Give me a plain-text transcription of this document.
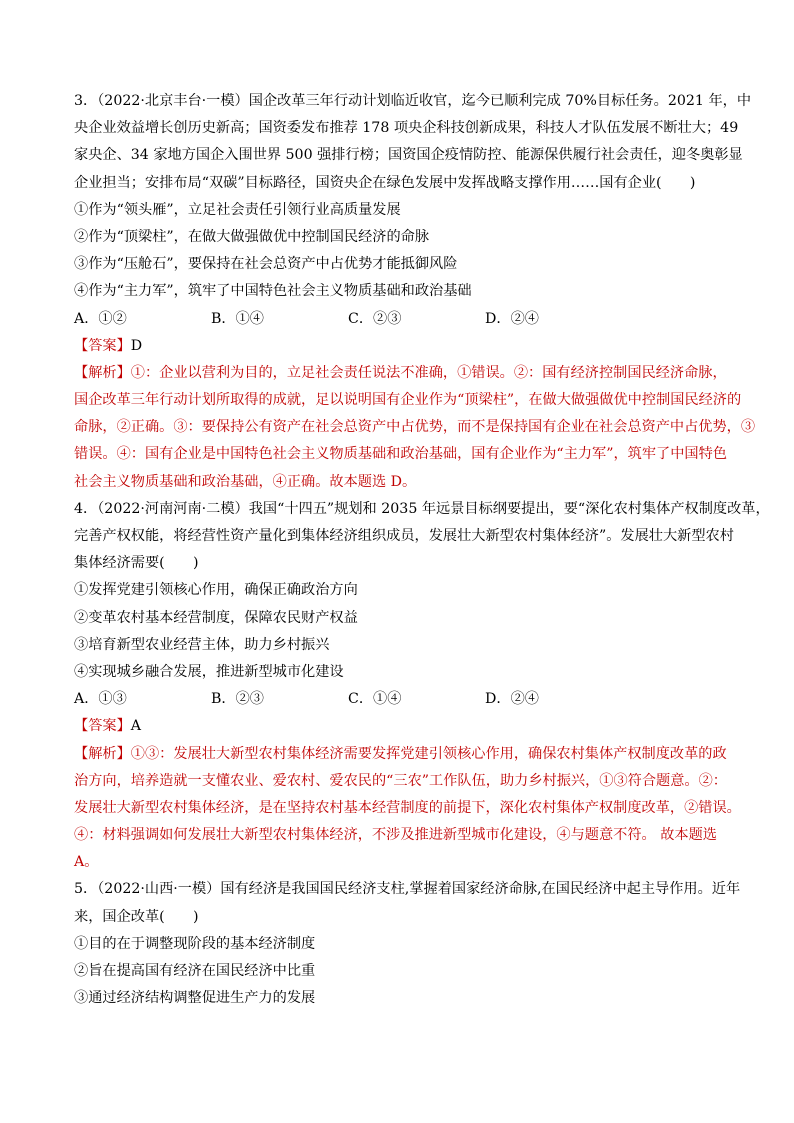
3．（2022·北京丰台·一模）国企改革三年行动计划临近收官，迄今已顺利完成 70%目标任务。2021 年，中
央企业效益增长创历史新高；国资委发布推荐 178 项央企科技创新成果，科技人才队伍发展不断壮大；49
家央企、34 家地方国企入围世界 500 强排行榜；国资国企疫情防控、能源保供履行社会责任，迎冬奥彰显
企业担当；安排布局“双碳”目标路径，国资央企在绿色发展中发挥战略支撑作用……国有企业(　　)
①作为“领头雁”，立足社会责任引领行业高质量发展
②作为“顶梁柱”，在做大做强做优中控制国民经济的命脉
③作为“压舱石”，要保持在社会总资产中占优势才能抵御风险
④作为“主力军”，筑牢了中国特色社会主义物质基础和政治基础
A．①②	B．①④	C．②③	D．②④
【答案】D
【解析】①：企业以营利为目的，立足社会责任说法不准确，①错误。②：国有经济控制国民经济命脉，
国企改革三年行动计划所取得的成就，足以说明国有企业作为“顶梁柱”，在做大做强做优中控制国民经济的
命脉，②正确。③：要保持公有资产在社会总资产中占优势，而不是保持国有企业在社会总资产中占优势，③
错误。④：国有企业是中国特色社会主义物质基础和政治基础，国有企业作为“主力军”，筑牢了中国特色
社会主义物质基础和政治基础，④正确。故本题选 D。
4．（2022·河南河南·二模）我国“十四五”规划和 2035 年远景目标纲要提出，要“深化农村集体产权制度改革，
完善产权权能，将经营性资产量化到集体经济组织成员，发展壮大新型农村集体经济”。发展壮大新型农村
集体经济需要(　　)
①发挥党建引领核心作用，确保正确政治方向
②变革农村基本经营制度，保障农民财产权益
③培育新型农业经营主体，助力乡村振兴
④实现城乡融合发展，推进新型城市化建设
A．①③	B．②③	C．①④	D．②④
【答案】A
【解析】①③：发展壮大新型农村集体经济需要发挥党建引领核心作用，确保农村集体产权制度改革的政
治方向，培养造就一支懂农业、爱农村、爱农民的“三农”工作队伍，助力乡村振兴，①③符合题意。②：
发展壮大新型农村集体经济，是在坚持农村基本经营制度的前提下，深化农村集体产权制度改革，②错误。
④：材料强调如何发展壮大新型农村集体经济，不涉及推进新型城市化建设，④与题意不符。 故本题选
A。
5．（2022·山西·一模）国有经济是我国国民经济支柱,掌握着国家经济命脉,在国民经济中起主导作用。近年
来，国企改革(　　)
①目的在于调整现阶段的基本经济制度
②旨在提高国有经济在国民经济中比重
③通过经济结构调整促进生产力的发展
